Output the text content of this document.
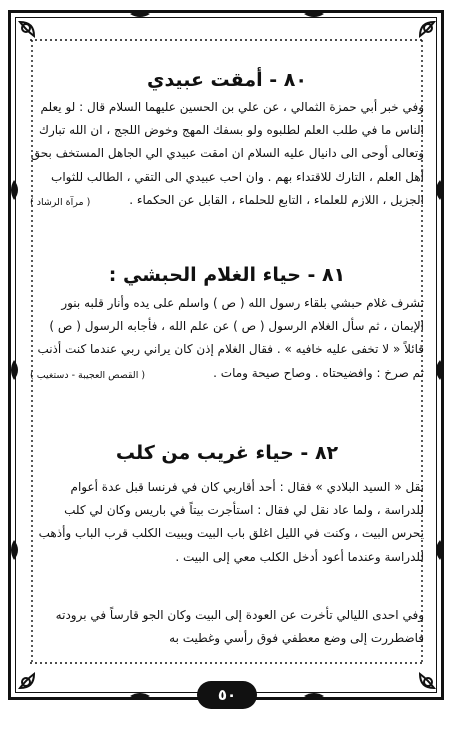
٨٠ - أمقت عبيدي

وفي خبر أبي حمزة الثمالي ، عن علي بن الحسين عليهما السلام قال : لو يعلم الناس ما في طلب العلم لطلبوه ولو بسفك المهج وخوض اللجج ، ان الله تبارك وتعالى أوحى الى دانيال عليه السلام ان امقت عبيدي الي الجاهل المستخف بحق أهل العلم ، التارك للاقتداء بهم . وان احب عبيدي الى التقي ، الطالب للثواب الجزيل ، اللازم للعلماء ، التابع للحلماء ، القابل عن الحكماء .
( مرآة الرشاد )

٨١ - حياء الغلام الحبشي :

تشرف غلام حبشي بلقاء رسول الله ( ص ) واسلم على يده وأنار قلبه بنور الإيمان ، ثم سأل الغلام الرسول ( ص ) عن علم الله ، فأجابه الرسول ( ص ) قائلاً « لا تخفى عليه خافيه » . فقال الغلام إذن كان يراني ربي عندما كنت أذنب ثم صرخ : وافضيحتاه . وصاح صيحة ومات .
( القصص العجيبة - دستغيب )

٨٢ - حياء غريب من كلب

نقل « السيد البلادي » فقال : أحد أقاربي كان في فرنسا قبل عدة أعوام للدراسة ، ولما عاد نقل لي فقال : استأجرت بيتاً في باريس وكان لي كلب يحرس البيت ، وكنت في الليل اغلق باب البيت ويبيت الكلب قرب الباب وأذهب للدراسة وعندما أعود أدخل الكلب معي إلى البيت .

وفي احدى الليالي تأخرت عن العودة إلى البيت وكان الجو قارساً في برودته فاضطررت إلى وضع معطفي فوق رأسي وغطيت به

٥٠
